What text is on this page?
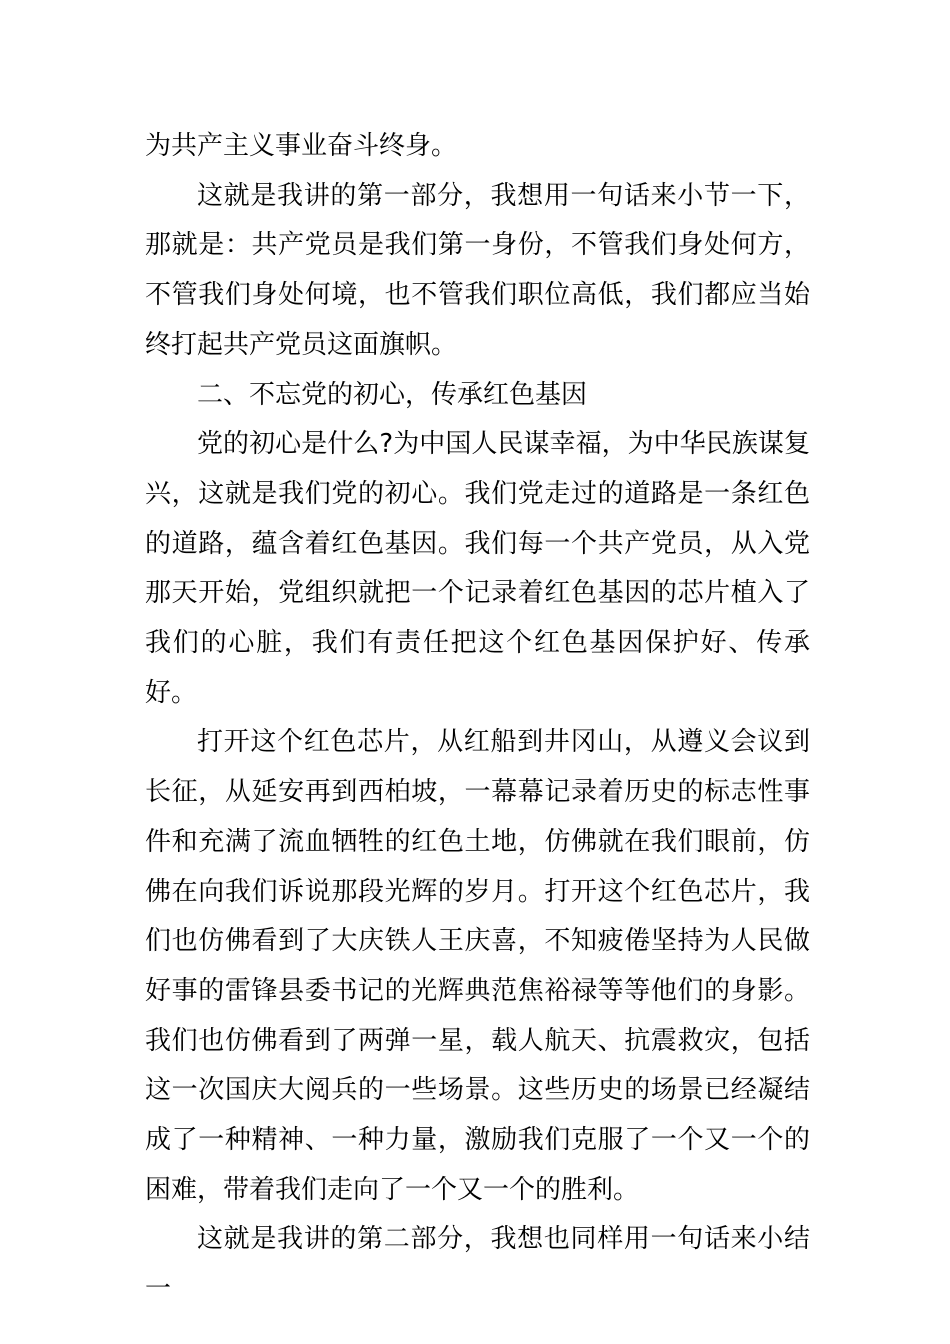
为共产主义事业奋斗终身。

这就是我讲的第一部分，我想用一句话来小节一下，那就是：共产党员是我们第一身份，不管我们身处何方，不管我们身处何境，也不管我们职位高低，我们都应当始终打起共产党员这面旗帜。

二、不忘党的初心，传承红色基因

党的初心是什么?为中国人民谋幸福，为中华民族谋复兴，这就是我们党的初心。我们党走过的道路是一条红色的道路，蕴含着红色基因。我们每一个共产党员，从入党那天开始，党组织就把一个记录着红色基因的芯片植入了我们的心脏，我们有责任把这个红色基因保护好、传承好。

打开这个红色芯片，从红船到井冈山，从遵义会议到长征，从延安再到西柏坡，一幕幕记录着历史的标志性事件和充满了流血牺牲的红色土地，仿佛就在我们眼前，仿佛在向我们诉说那段光辉的岁月。打开这个红色芯片，我们也仿佛看到了大庆铁人王庆喜，不知疲倦坚持为人民做好事的雷锋县委书记的光辉典范焦裕禄等等他们的身影。我们也仿佛看到了两弹一星，载人航天、抗震救灾，包括这一次国庆大阅兵的一些场景。这些历史的场景已经凝结成了一种精神、一种力量，激励我们克服了一个又一个的困难，带着我们走向了一个又一个的胜利。

这就是我讲的第二部分，我想也同样用一句话来小结一
